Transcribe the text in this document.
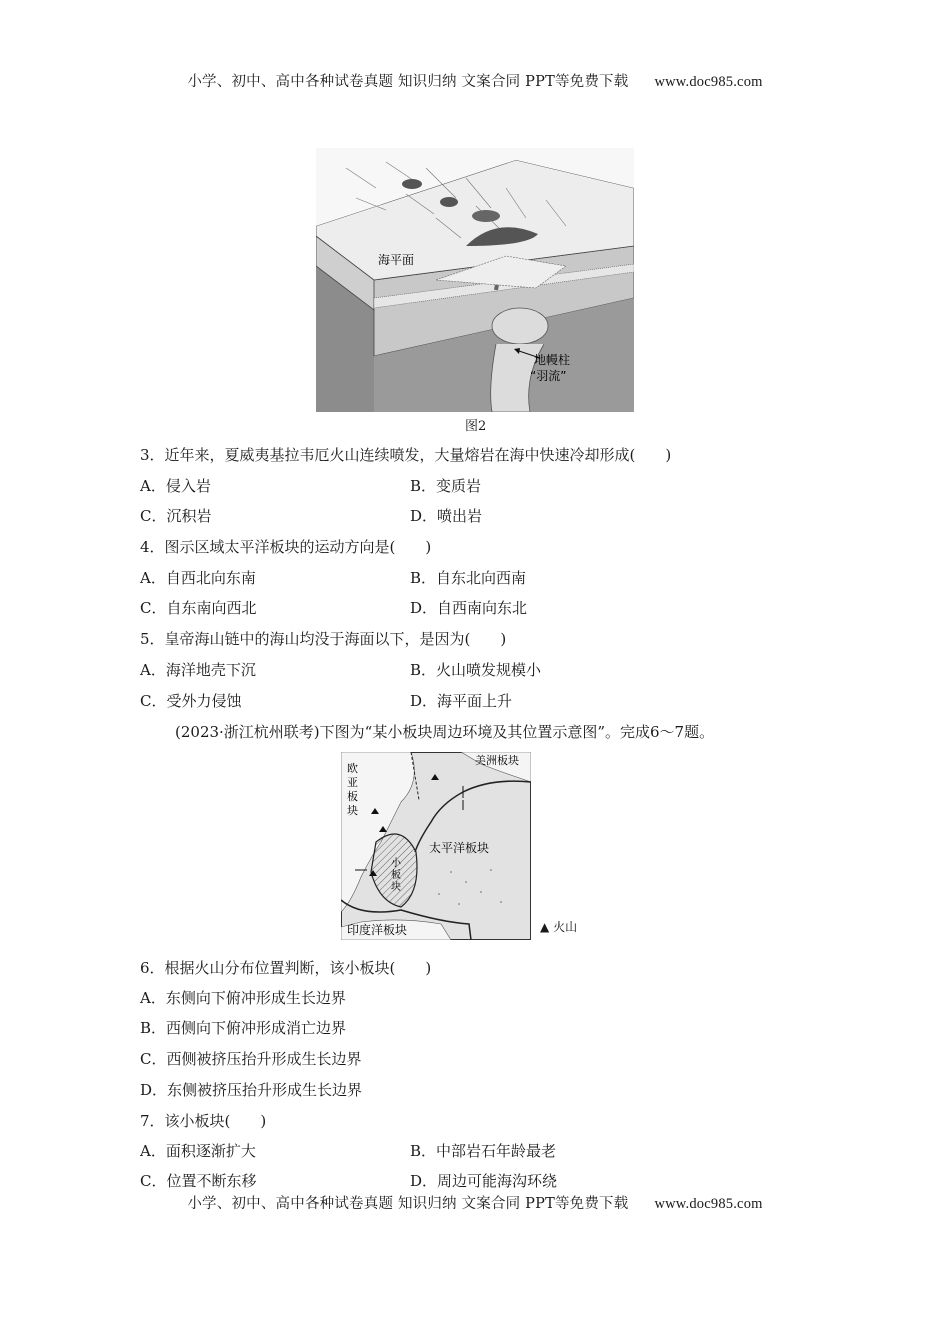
小学、初中、高中各种试卷真题 知识归纳 文案合同 PPT等免费下载 www.doc985.com
海平面
地幔柱
“羽流”
图2
3．近年来，夏威夷基拉韦厄火山连续喷发，大量熔岩在海中快速冷却形成(　　)
A．侵入岩	B．变质岩
C．沉积岩	D．喷出岩
4．图示区域太平洋板块的运动方向是(　　)
A．自西北向东南	B．自东北向西南
C．自东南向西北	D．自西南向东北
5．皇帝海山链中的海山均没于海面以下，是因为(　　)
A．海洋地壳下沉	B．火山喷发规模小
C．受外力侵蚀	D．海平面上升
(2023·浙江杭州联考)下图为“某小板块周边环境及其位置示意图”。完成6～7题。
欧
亚
板
块
美洲板块
太平洋板块
小
板
块
印度洋板块	▲ 火山
6．根据火山分布位置判断，该小板块(　　)
A．东侧向下俯冲形成生长边界
B．西侧向下俯冲形成消亡边界
C．西侧被挤压抬升形成生长边界
D．东侧被挤压抬升形成生长边界
7．该小板块(　　)
A．面积逐渐扩大	B．中部岩石年龄最老
C．位置不断东移	D．周边可能海沟环绕
小学、初中、高中各种试卷真题 知识归纳 文案合同 PPT等免费下载 www.doc985.com
